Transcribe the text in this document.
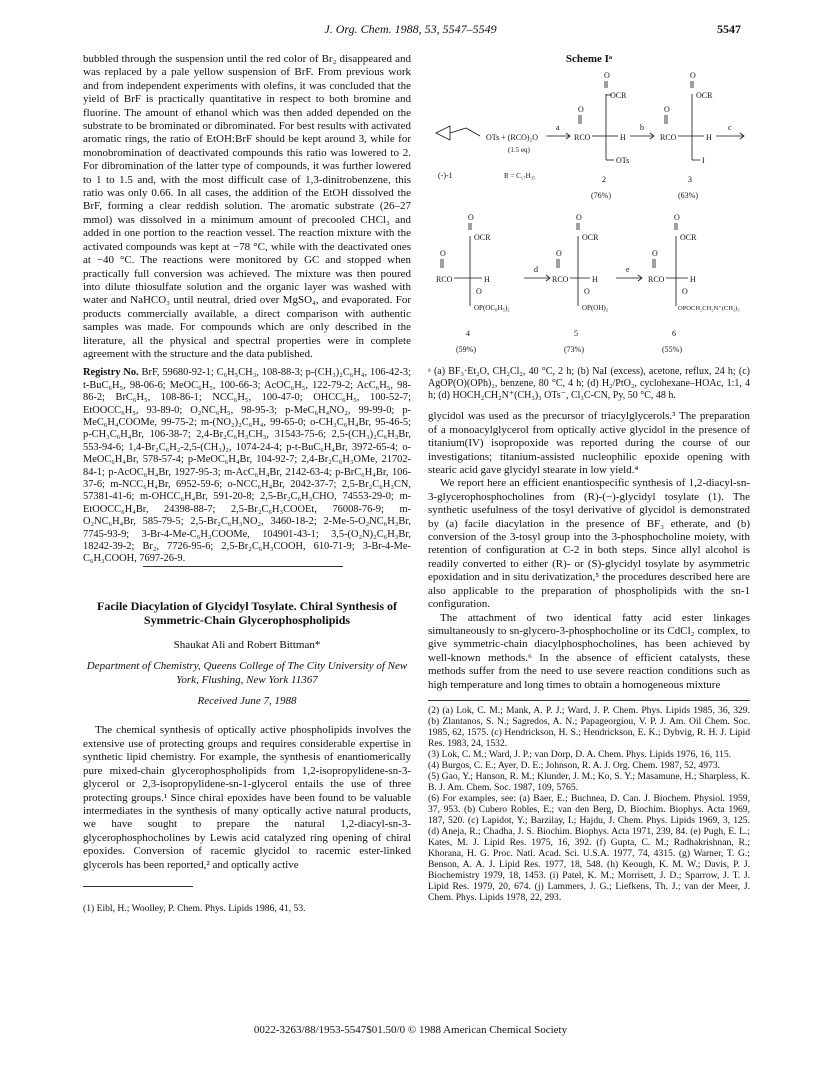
J. Org. Chem. 1988, 53, 5547–5549	5547

bubbled through the suspension until the red color of Br₂ disappeared and was replaced by a pale yellow suspension of BrF. From previous work and from independent experiments with olefins, it was concluded that the yield of BrF is practically quantitative in respect to both bromine and fluorine. The amount of ethanol which was then added depended on the substrate to be brominated or dibrominated. For best results with activated aromatic rings, the ratio of EtOH:BrF should be kept around 3, while for monobromination of deactivated compounds this ratio was lowered to 2. For dibromination of the latter type of compounds, it was further lowered to 1 to 1.5 and, with the most difficult case of 1,3-dinitrobenzene, this ratio was only 0.66. In all cases, the addition of the EtOH dissolved the BrF, forming a clear reddish solution. The aromatic substrate (26–27 mmol) was dissolved in a minimum amount of precooled CHCl₃ and added in one portion to the reaction vessel. The reaction mixture with the activated compounds was kept at −78 °C, while with the deactivated ones at −40 °C. The reactions were monitored by GC and stopped when practically full conversion was achieved. The mixture was then poured into dilute thiosulfate solution and the organic layer was washed with water and NaHCO₃ until neutral, dried over MgSO₄, and evaporated. For products commercially available, a direct comparison with authentic samples was made. For compounds which are only described in the literature, all the physical and spectral properties were in complete agreement with the structure and the data published.

Registry No. BrF, 59680-92-1; C₆H₅CH₃, 108-88-3; p-(CH₃)₂C₆H₄, 106-42-3; t-BuC₆H₅, 98-06-6; MeOC₆H₅, 100-66-3; AcOC₆H₅, 122-79-2; AcC₆H₅, 98-86-2; BrC₆H₅, 108-86-1; NCC₆H₅, 100-47-0; OHCC₆H₅, 100-52-7; EtOOCC₆H₅, 93-89-0; O₂NC₆H₅, 98-95-3; p-MeC₆H₄NO₂, 99-99-0; p-MeC₆H₄COOMe, 99-75-2; m-(NO₂)₂C₆H₄, 99-65-0; o-CH₃C₆H₄Br, 95-46-5; p-CH₃C₆H₄Br, 106-38-7; 2,4-Br₂C₆H₃CH₃, 31543-75-6; 2,5-(CH₃)₂C₆H₃Br, 553-94-6; 1,4-Br₂C₆H₂-2,5-(CH₃)₂, 1074-24-4; p-t-BuC₆H₄Br, 3972-65-4; o-MeOC₆H₄Br, 578-57-4; p-MeOC₆H₄Br, 104-92-7; 2,4-Br₂C₆H₃OMe, 21702-84-1; p-AcOC₆H₄Br, 1927-95-3; m-AcC₆H₄Br, 2142-63-4; p-BrC₆H₄Br, 106-37-6; m-NCC₆H₄Br, 6952-59-6; o-NCC₆H₄Br, 2042-37-7; 2,5-Br₂C₆H₃CN, 57381-41-6; m-OHCC₆H₄Br, 591-20-8; 2,5-Br₂C₆H₃CHO, 74553-29-0; m-EtOOCC₆H₄Br, 24398-88-7; 2,5-Br₂C₆H₃COOEt, 76008-76-9; m-O₂NC₆H₄Br, 585-79-5; 2,5-Br₂C₆H₃NO₂, 3460-18-2; 2-Me-5-O₂NC₆H₃Br, 7745-93-9; 3-Br-4-Me-C₆H₃COOMe, 104901-43-1; 3,5-(O₂N)₂C₆H₃Br, 18242-39-2; Br₂, 7726-95-6; 2,5-Br₂C₆H₃COOH, 610-71-9; 3-Br-4-Me-C₆H₃COOH, 7697-26-9.

Facile Diacylation of Glycidyl Tosylate. Chiral Synthesis of Symmetric-Chain Glycerophospholipids
Shaukat Ali and Robert Bittman*
Department of Chemistry, Queens College of The City University of New York, Flushing, New York 11367
Received June 7, 1988

The chemical synthesis of optically active phospholipids involves the extensive use of protecting groups and requires considerable expertise in synthetic lipid chemistry. For example, the synthesis of enantiomerically pure mixed-chain glycerophospholipids from 1,2-isopropylidene-sn-3-glycerol or 2,3-isopropylidene-sn-1-glycerol entails the use of three protecting groups.¹ Since chiral epoxides have been found to be valuable intermediates in the synthesis of many optically active natural products, we have sought to prepare the natural 1,2-diacyl-sn-3-glycerophosphocholines by Lewis acid catalyzed ring opening of chiral epoxides. Conversion of racemic glycidol to racemic ester-linked glycerols has been reported,² and optically active

(1) Eibl, H.; Woolley, P. Chem. Phys. Lipids 1986, 41, 53.

Scheme Iᵃ
OTs + (RCO)₂O
(1.5 eq)
(-)-1	R = C₁₇H₃₅
a
O
OCR
O
RCO	H
OTs
2
(76%)
b
O
OCR
O
RCO	H
I
3
(63%)
c
O
OCR
O
RCO	H
O
OP(OC₆H₅)₂
4
(59%)
d
O
OCR
O
RCO	H
O
OP(OH)₂
5
(73%)
e
O
OCR
O
RCO	H
O
OPOCH₂CH₂N⁺(CH₃)₃
6
(55%)

ᵃ (a) BF₃·Et₂O, CH₂Cl₂, 40 °C, 2 h; (b) NaI (excess), acetone, reflux, 24 h; (c) AgOP(O)(OPh)₂, benzene, 80 °C, 4 h; (d) H₂/PtO₂, cyclohexane–HOAc, 1:1, 4 h; (d) HOCH₂CH₂N⁺(CH₃)₃ OTs⁻, Cl₃C-CN, Py, 50 °C, 48 h.

glycidol was used as the precursor of triacylglycerols.³ The preparation of a monoacylglycerol from optically active glycidol in the presence of titanium(IV) isopropoxide was reported during the course of our investigations; titanium-assisted nucleophilic epoxide opening with stearic acid gave glycidyl stearate in low yield.⁴

We report here an efficient enantiospecific synthesis of 1,2-diacyl-sn-3-glycerophosphocholines from (R)-(−)-glycidyl tosylate (1). The synthetic usefulness of the tosyl derivative of glycidol is demonstrated by (a) facile diacylation in the presence of BF₃ etherate, and (b) conversion of the 3-tosyl group into the 3-phosphocholine moiety, with retention of configuration at C-2 in both steps. Since allyl alcohol is readily converted to either (R)- or (S)-glycidyl tosylate by asymmetric epoxidation and in situ derivatization,⁵ the procedures described here are also applicable to the preparation of phospholipids with the sn-1 configuration.

The attachment of two identical fatty acid ester linkages simultaneously to sn-glycero-3-phosphocholine or its CdCl₂ complex, to give symmetric-chain diacylphosphocholines, has been achieved by well-known methods.⁶ In the absence of efficient catalysts, these methods suffer from the need to use severe reaction conditions such as high temperature and long times to obtain a homogeneous mixture

(2) (a) Lok, C. M.; Mank, A. P. J.; Ward, J. P. Chem. Phys. Lipids 1985, 36, 329. (b) Zlantanos, S. N.; Sagredos, A. N.; Papageorgiou, V. P. J. Am. Oil Chem. Soc. 1985, 62, 1575. (c) Hendrickson, H. S.; Hendrickson, E. K.; Dybvig, R. H. J. Lipid Res. 1983, 24, 1532.
(3) Lok, C. M.; Ward, J. P.; van Dorp, D. A. Chem. Phys. Lipids 1976, 16, 115.
(4) Burgos, C. E.; Ayer, D. E.; Johnson, R. A. J. Org. Chem. 1987, 52, 4973.
(5) Gao, Y.; Hanson, R. M.; Klunder, J. M.; Ko, S. Y.; Masamune, H.; Sharpless, K. B. J. Am. Chem. Soc. 1987, 109, 5765.
(6) For examples, see: (a) Baer, E.; Buchnea, D. Can. J. Biochem. Physiol. 1959, 37, 953. (b) Cubero Robles, E.; van den Berg, D. Biochim. Biophys. Acta 1969, 187, 520. (c) Lapidot, Y.; Barzilay, I.; Hajdu, J. Chem. Phys. Lipids 1969, 3, 125. (d) Aneja, R.; Chadha, J. S. Biochim. Biophys. Acta 1971, 239, 84. (e) Pugh, E. L.; Kates, M. J. Lipid Res. 1975, 16, 392. (f) Gupta, C. M.; Radhakrishnan, R.; Khorana, H. G. Proc. Natl. Acad. Sci. U.S.A. 1977, 74, 4315. (g) Warner, T. G.; Benson, A. A. J. Lipid Res. 1977, 18, 548. (h) Keough, K. M. W.; Davis, P. J. Biochemistry 1979, 18, 1453. (i) Patel, K. M.; Morrisett, J. D.; Sparrow, J. T. J. Lipid Res. 1979, 20, 674. (j) Lammers, J. G.; Liefkens, Th. J.; van der Meer, J. Chem. Phys. Lipids 1978, 22, 293.

0022-3263/88/1953-5547$01.50/0 © 1988 American Chemical Society
